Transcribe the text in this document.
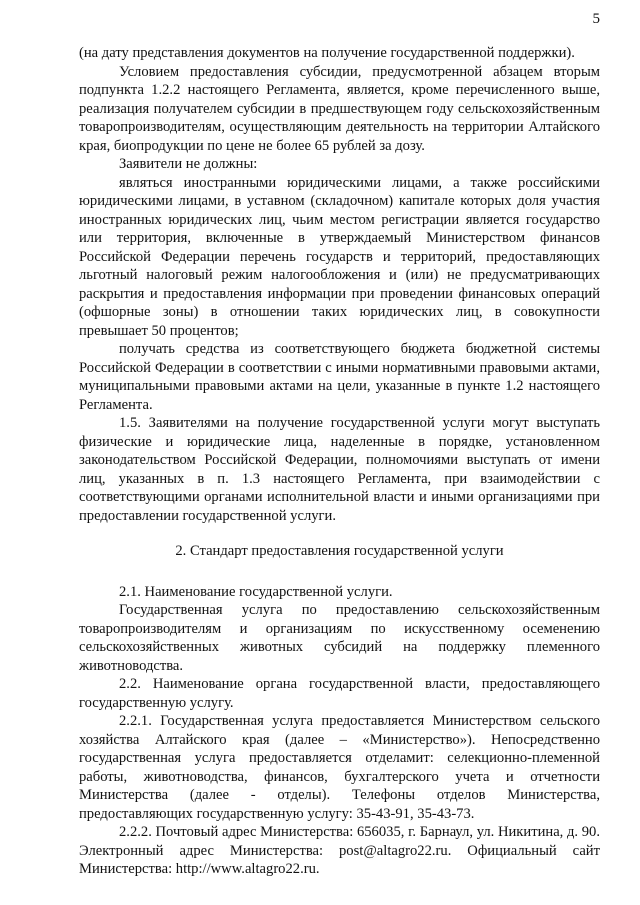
5

(на дату представления документов на получение государственной поддержки).

Условием предоставления субсидии, предусмотренной абзацем вторым подпункта 1.2.2 настоящего Регламента, является, кроме перечисленного выше, реализация получателем субсидии в предшествующем году сельскохозяйственным товаропроизводителям, осуществляющим деятельность на территории Алтайского края, биопродукции по цене не более 65 рублей за дозу.

Заявители не должны:

являться иностранными юридическими лицами, а также российскими юридическими лицами, в уставном (складочном) капитале которых доля участия иностранных юридических лиц, чьим местом регистрации является государство или территория, включенные в утверждаемый Министерством финансов Российской Федерации перечень государств и территорий, предоставляющих льготный налоговый режим налогообложения и (или) не предусматривающих раскрытия и предоставления информации при проведении финансовых операций (офшорные зоны) в отношении таких юридических лиц, в совокупности превышает 50 процентов;

получать средства из соответствующего бюджета бюджетной системы Российской Федерации в соответствии с иными нормативными правовыми актами, муниципальными правовыми актами на цели, указанные в пункте 1.2 настоящего Регламента.

1.5. Заявителями на получение государственной услуги могут выступать физические и юридические лица, наделенные в порядке, установленном законодательством Российской Федерации, полномочиями выступать от имени лиц, указанных в п. 1.3 настоящего Регламента, при взаимодействии с соответствующими органами исполнительной власти и иными организациями при предоставлении государственной услуги.

2. Стандарт предоставления государственной услуги

2.1. Наименование государственной услуги.

Государственная услуга по предоставлению сельскохозяйственным товаропроизводителям и организациям по искусственному осеменению сельскохозяйственных животных субсидий на поддержку племенного животноводства.

2.2. Наименование органа государственной власти, предоставляющего государственную услугу.

2.2.1. Государственная услуга предоставляется Министерством сельского хозяйства Алтайского края (далее – «Министерство»). Непосредственно государственная услуга предоставляется отделамит: селекционно-племенной работы, животноводства, финансов, бухгалтерского учета и отчетности Министерства (далее - отделы). Телефоны отделов Министерства, предоставляющих государственную услугу: 35-43-91, 35-43-73.

2.2.2. Почтовый адрес Министерства: 656035, г. Барнаул, ул. Никитина, д. 90. Электронный адрес Министерства: post@altagro22.ru. Официальный сайт Министерства: http://www.altagro22.ru.
